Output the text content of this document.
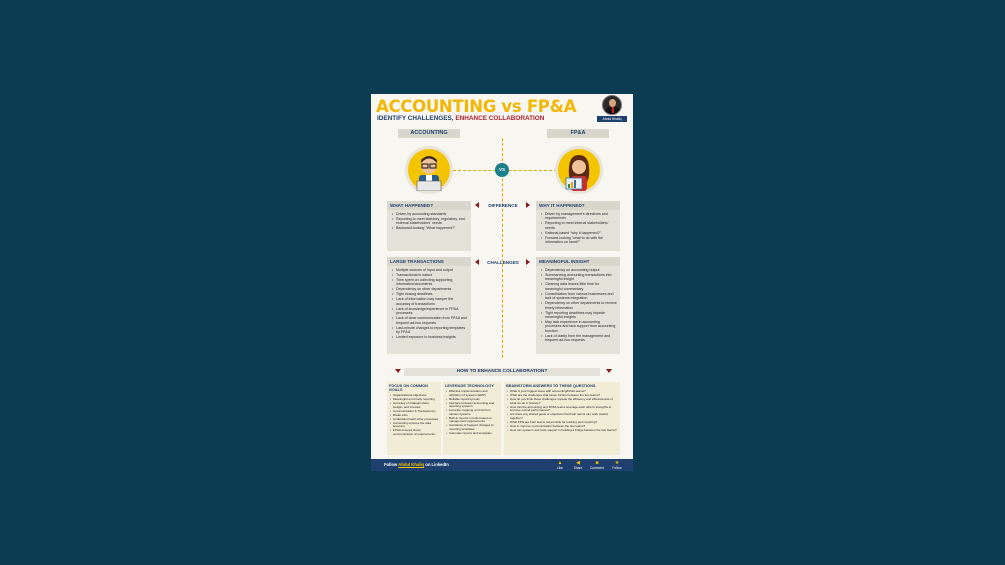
ACCOUNTING vs FP&A
IDENTIFY CHALLENGES, ENHANCE COLLABORATION	Abdul Khaliq
ACCOUNTING	FP&A
VS
DIFFERENCE
WHAT HAPPENED?
• Driven by accounting standards
• Reporting to meet statutory, regulatory, and external stakeholders' needs
• Backward-looking "What happened?"
WHY IT HAPPENED?
• Driven by management's directives and requirements
• Reporting to meet internal stakeholders' needs
• Rational-based "why it happened?"
• Forward-looking "what to do with the information on hand?"
CHALLENGES
LARGE TRANSACTIONS
• Multiple sources of input and output
• Transactional in nature
• Time spent on collecting supporting information/documents
• Dependency on other departments
• Tight closing deadlines
• Lack of information may hamper the accuracy of transactions
• Lack of knowledge/experience in FP&A processes
• Lack of clear communication from FP&A and frequent ad-hoc requests
• Last-minute changes to reporting templates by FP&A
• Limited exposure to business insights
MEANINGFUL INSIGHT
• Dependency on accounting output
• Summarizing accounting transactions into meaningful insight
• Cleaning data leaves little time for meaningful commentary
• Consolidation from various businesses and lack of systems integration
• Dependency on other departments to receive timely information
• Tight reporting deadlines may impede meaningful insights
• May lack experience in accounting processes and lack support from accounting function
• Lack of clarity from the management and frequent ad-hoc requests
HOW TO ENHANCE COLLABORATION?
FOCUS ON COMMON GOALS
• Organizational objectives
• Meaningful and timely reporting
• Accuracy of strategic plans, budget, and forecast
• Communication & Transparency
• Break silos
• Understand each other processes
• Accounting ensures the data accuracy
• FP&A ensures timely communication of requirements
LEVERAGE TECHNOLOGY
• Effective implementation and utilization of systems (ERP)
• Reliable reporting tools
• Interface between accounting and reporting systems
• Accurate mapping of COA from various systems
• Built-in reports in tools based on management requirements
• Avoidance of frequent changes to reporting templates
• Automate reports and templates
BRAINSTORM ANSWERS TO THESE QUESTIONS
• What is your biggest issue with accounting/FP&A teams?
• What are the challenges that cause friction between the two teams?
• How do you think those challenges impede the efficiency and effectiveness of what we do in finance?
• How can the accounting and FP&A teams leverage each other's strengths to improve overall performance?
• Are there any shared goals or objectives that both teams can work toward together?
• What KPIs are both teams responsible for tracking and reporting?
• How to improve communication between the two teams?
• How can systems and tools support in building a bridge between the two teams?
Follow Abdul Khaliq on LinkedIn	▲
Like
◀
Share
■
Comment
★
Follow
